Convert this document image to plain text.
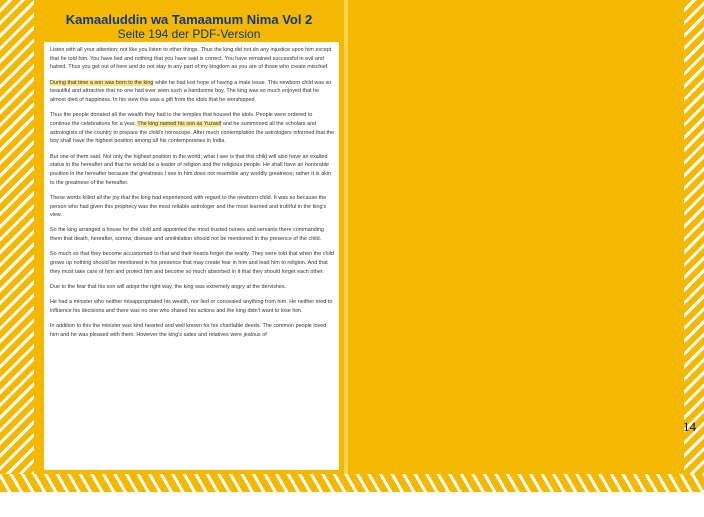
Kamaaluddin wa Tamaamum Nima Vol 2
Seite 194 der PDF-Version

Listen with all your attention; not like you listen to other things. Thus the king did not do any injustice upon him except that he told him. You have lied and nothing that you have said is correct. You have remained successful in evil and hatred. Thus you get out of here and do not stay in any part of my kingdom as you are of those who create mischief.

During that time a son was born to the king while he had lost hope of having a male issue. This newborn child was so beautiful and attractive that no one had ever seen such a handsome boy. The king was so much enjoyed that he almost died of happiness. In his view this was a gift from the idols that he worshipped.

Thus the people donated all the wealth they had to the temples that housed the idols. People were ordered to continue the celebrations for a year. The king named his son as Yuzasif and he summoned all the scholars and astrologists of the country to prepare the child's horoscope. After much contemplation the astrologers informed that the boy shall have the highest position among all his contemporaries in India.

But one of them said. Not only the highest position in the world; what I see is that this child will also have an exalted status in the hereafter and that he would be a leader of religion and the religious people. He shall have an honorable position in the hereafter because the greatness I see in him does not resemble any worldly greatness; rather it is akin to the greatness of the hereafter.

These words killed all the joy that the king had experienced with regard to the newborn child. It was so because the person who had given this prophecy was the most reliable astrologer and the most learned and truthful in the king's view.

So the king arranged a house for the child and appointed the most trusted nurses and servants there commanding them that death, hereafter, sorrow, disease and annihilation should not be mentioned in the presence of the child.

So much so that they become accustomed to that and their hearts forget the reality. They were told that when the child grows up nothing should be mentioned in his presence that may create fear in him and lead him to religion. And that they must take care of him and protect him and become so much absorbed in it that they should forget each other.

Due to the fear that his son will adopt the right way, the king was extremely angry at the dervishes.

He had a minister who neither misappropriated his wealth, nor lied or concealed anything from him. He neither tried to influence his decisions and there was no one who shared his actions and the king didn't want to lose him.

In addition to this the minister was kind hearted and well known for his charitable deeds. The common people loved him and he was pleased with them. However the king's aides and relatives were jealous of

14
